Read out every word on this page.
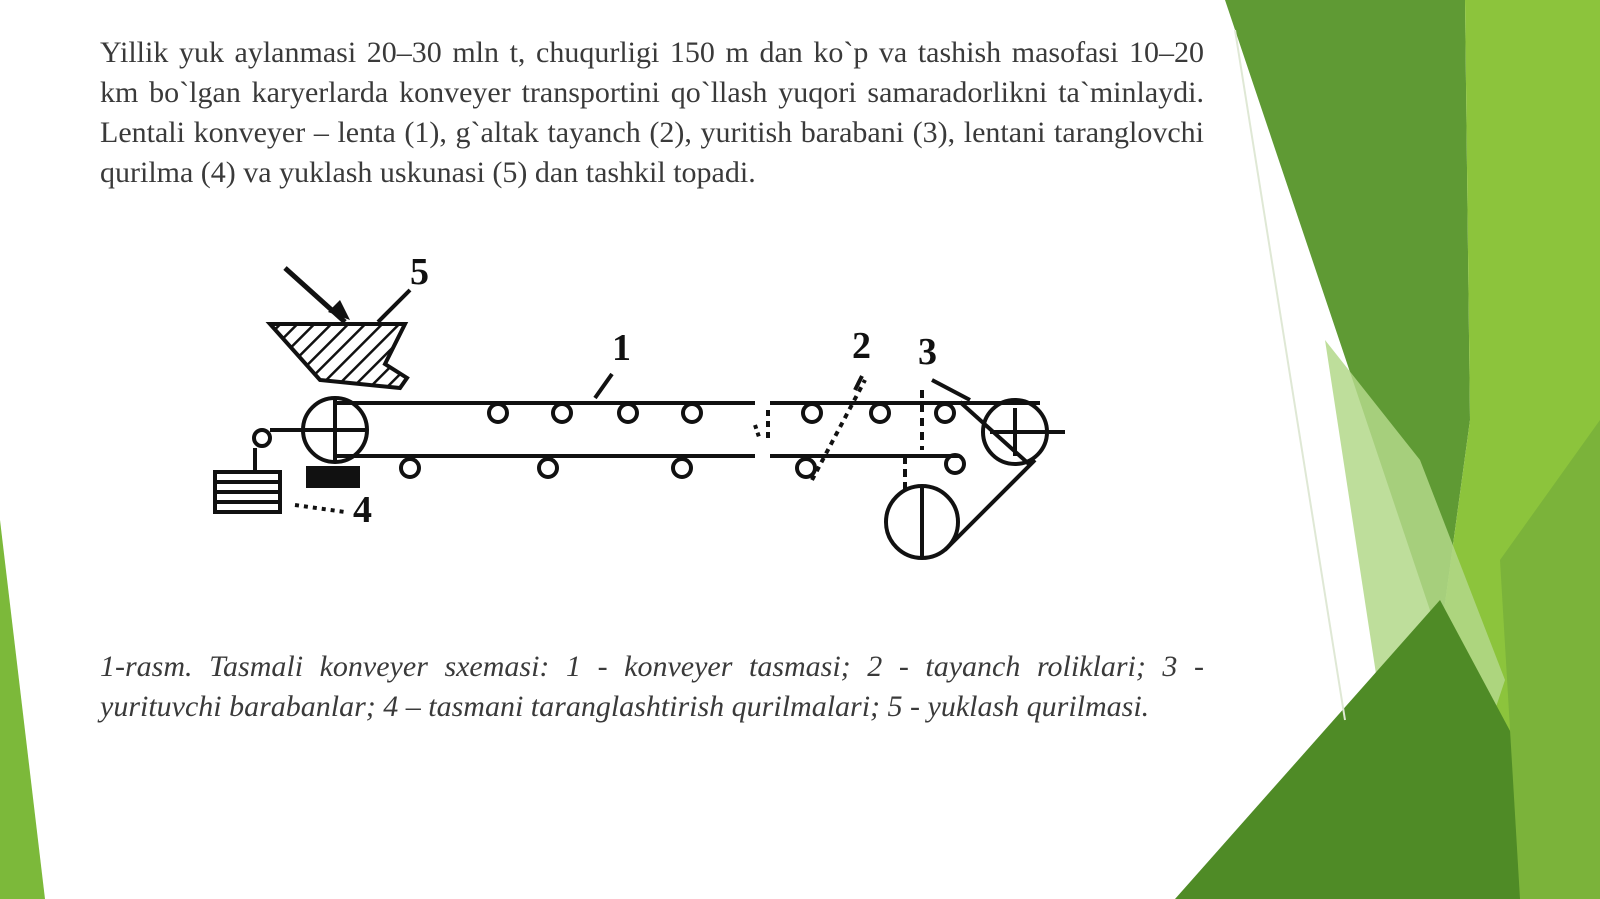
Yillik yuk aylanmasi 20–30 mln t, chuqurligi 150 m dan ko`p va tashish masofasi 10–20 km bo`lgan karyerlarda konveyer transportini qo`llash yuqori samaradorlikni ta`minlaydi. Lentali konveyer – lenta (1), g`altak tayanch (2), yuritish barabani (3), lentani taranglovchi qurilma (4) va yuklash uskunasi (5) dan tashkil topadi.

5
1	2 3
4

1-rasm. Tasmali konveyer sxemasi: 1 - konveyer tasmasi; 2 - tayanch roliklari; 3 - yurituvchi barabanlar; 4 – tasmani taranglashtirish qurilmalari; 5 - yuklash qurilmasi.
